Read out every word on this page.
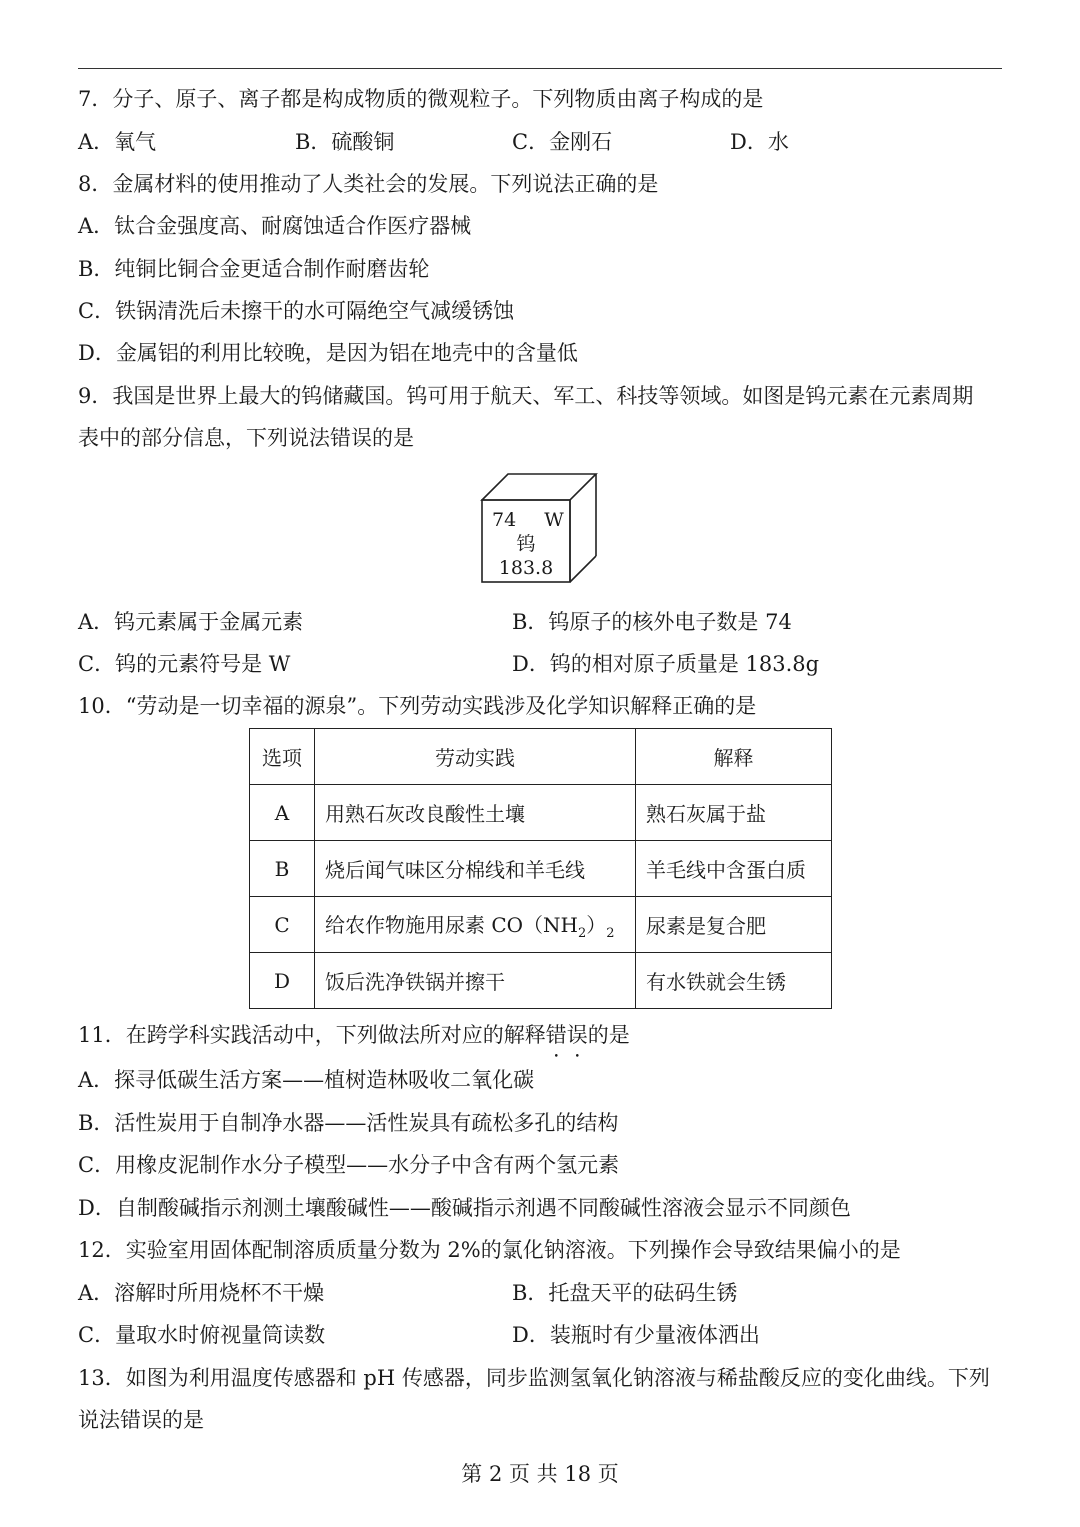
7．分子、原子、离子都是构成物质的微观粒子。下列物质由离子构成的是
A．氧气	B．硫酸铜	C．金刚石	D．水
8．金属材料的使用推动了人类社会的发展。下列说法正确的是
A．钛合金强度高、耐腐蚀适合作医疗器械
B．纯铜比铜合金更适合制作耐磨齿轮
C．铁锅清洗后未擦干的水可隔绝空气减缓锈蚀
D．金属铝的利用比较晚，是因为铝在地壳中的含量低
9．我国是世界上最大的钨储藏国。钨可用于航天、军工、科技等领域。如图是钨元素在元素周期
表中的部分信息，下列说法错误的是
74 W
钨
183.8
A．钨元素属于金属元素	B．钨原子的核外电子数是 74
C．钨的元素符号是 W	D．钨的相对原子质量是 183.8g
10．“劳动是一切幸福的源泉”。下列劳动实践涉及化学知识解释正确的是
选项	劳动实践	解释
A	用熟石灰改良酸性土壤	熟石灰属于盐
B	烧后闻气味区分棉线和羊毛线	羊毛线中含蛋白质
C	给农作物施用尿素 $CO(NH_2)_2$	尿素是复合肥
D	饭后洗净铁锅并擦干	有水铁就会生锈
11．在跨学科实践活动中，下列做法所对应的解释错误的是
A．探寻低碳生活方案——植树造林吸收二氧化碳
B．活性炭用于自制净水器——活性炭具有疏松多孔的结构
C．用橡皮泥制作水分子模型——水分子中含有两个氢元素
D．自制酸碱指示剂测土壤酸碱性——酸碱指示剂遇不同酸碱性溶液会显示不同颜色
12．实验室用固体配制溶质质量分数为 2%的氯化钠溶液。下列操作会导致结果偏小的是
A．溶解时所用烧杯不干燥	B．托盘天平的砝码生锈
C．量取水时俯视量筒读数	D．装瓶时有少量液体洒出
13．如图为利用温度传感器和 pH 传感器，同步监测氢氧化钠溶液与稀盐酸反应的变化曲线。下列
说法错误的是
第 2 页 共 18 页
